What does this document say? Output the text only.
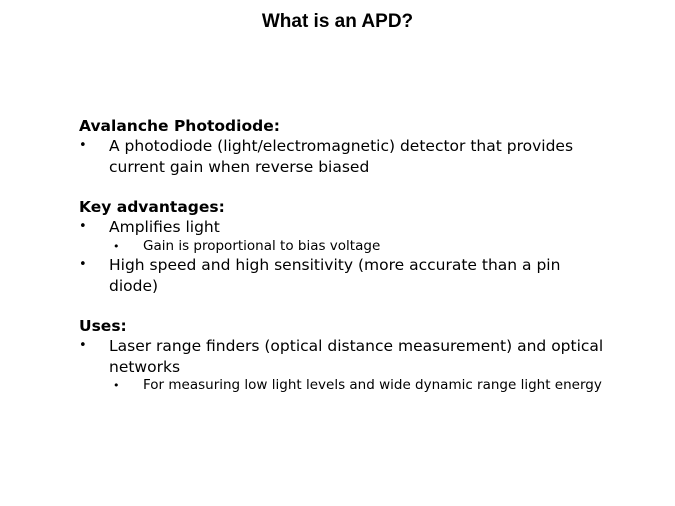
What is an APD?

Avalanche Photodiode:

•	A photodiode (light/electromagnetic) detector that provides current gain when reverse biased

Key advantages:

•	Amplifies light
•	Gain is proportional to bias voltage
•	High speed and high sensitivity (more accurate than a pin diode)

Uses:

•	Laser range finders (optical distance measurement) and optical networks
•	For measuring low light levels and wide dynamic range light energy
